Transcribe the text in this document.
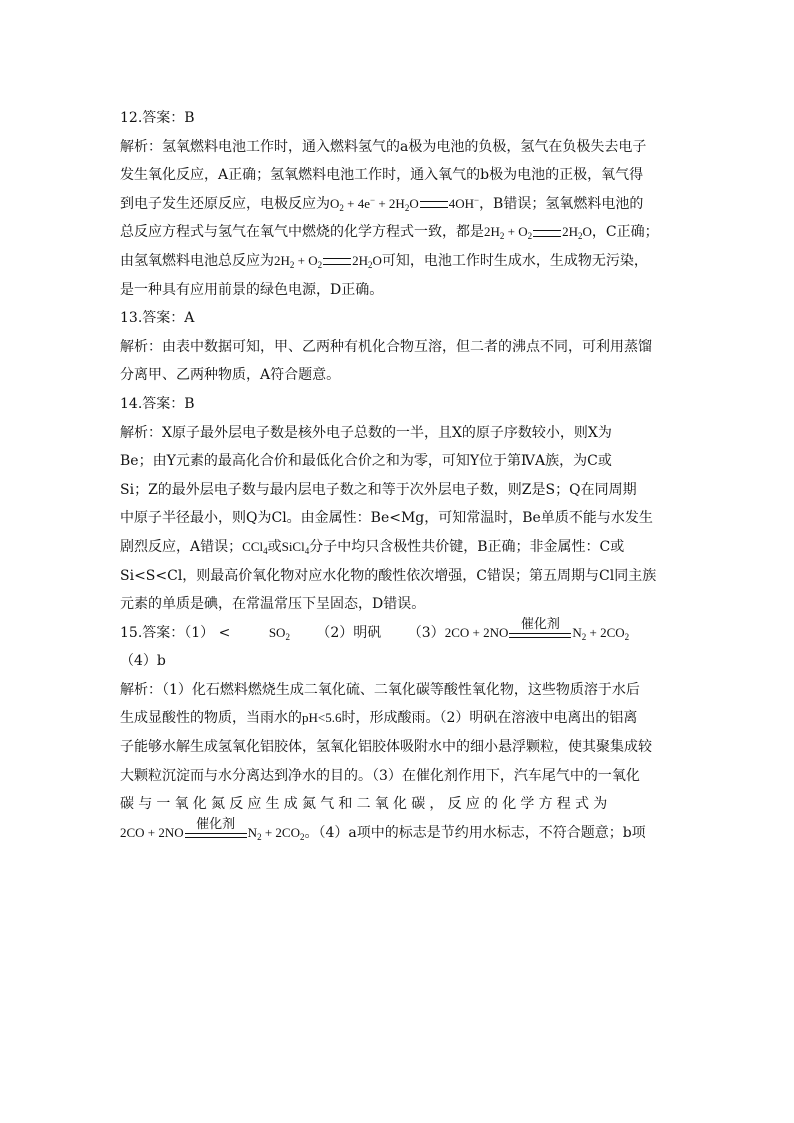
12.答案：B
解析：氢氧燃料电池工作时，通入燃料氢气的a极为电池的负极，氢气在负极失去电子
发生氧化反应，A正确；氢氧燃料电池工作时，通入氧气的b极为电池的正极，氧气得
到电子发生还原反应，电极反应为$O_2 + 4e^- + 2H_2O$ 4OH−，B错误；氢氧燃料电池的
总反应方程式与氢气在氧气中燃烧的化学方程式一致，都是$2H_2 + O_2$ $2H_2O$，C正确；
由氢氧燃料电池总反应为$2H_2 + O_2$ $2H_2O$可知，电池工作时生成水，生成物无污染，
是一种具有应用前景的绿色电源，D正确。
13.答案：A
解析：由表中数据可知，甲、乙两种有机化合物互溶，但二者的沸点不同，可利用蒸馏
分离甲、乙两种物质，A符合题意。
14.答案：B
解析：X原子最外层电子数是核外电子总数的一半，且X的原子序数较小，则X为
Be；由Y元素的最高化合价和最低化合价之和为零，可知Y位于第ⅣA族，为C或
Si；Z的最外层电子数与最内层电子数之和等于次外层电子数，则Z是S；Q在同周期
中原子半径最小，则Q为Cl。由金属性：Be<Mg，可知常温时，Be单质不能与水发生
剧烈反应，A错误；CCl$_4$或SiCl$_4$分子中均只含极性共价键，B正确；非金属性：C或
Si<S<Cl，则最高价氧化物对应水化物的酸性依次增强，C错误；第五周期与Cl同主族
元素的单质是碘，在常温常压下呈固态，D错误。
15.答案：（1） <	$SO_2$ （2）明矾 （3）2CO + 2NO
催化剂
$N_2 + 2CO_2$
（4）b
解析：（1）化石燃料燃烧生成二氧化硫、二氧化碳等酸性氧化物，这些物质溶于水后
生成显酸性的物质，当雨水的pH<5.6时，形成酸雨。（2）明矾在溶液中电离出的铝离
子能够水解生成氢氧化铝胶体，氢氧化铝胶体吸附水中的细小悬浮颗粒，使其聚集成较
大颗粒沉淀而与水分离达到净水的目的。（3）在催化剂作用下，汽车尾气中的一氧化
碳与一氧化氮反应生成氮气和二氧化碳，反应的化学方程式为
2CO + 2NO
催化剂
$N_2 + 2CO_2$。（4）a项中的标志是节约用水标志，不符合题意；b项
